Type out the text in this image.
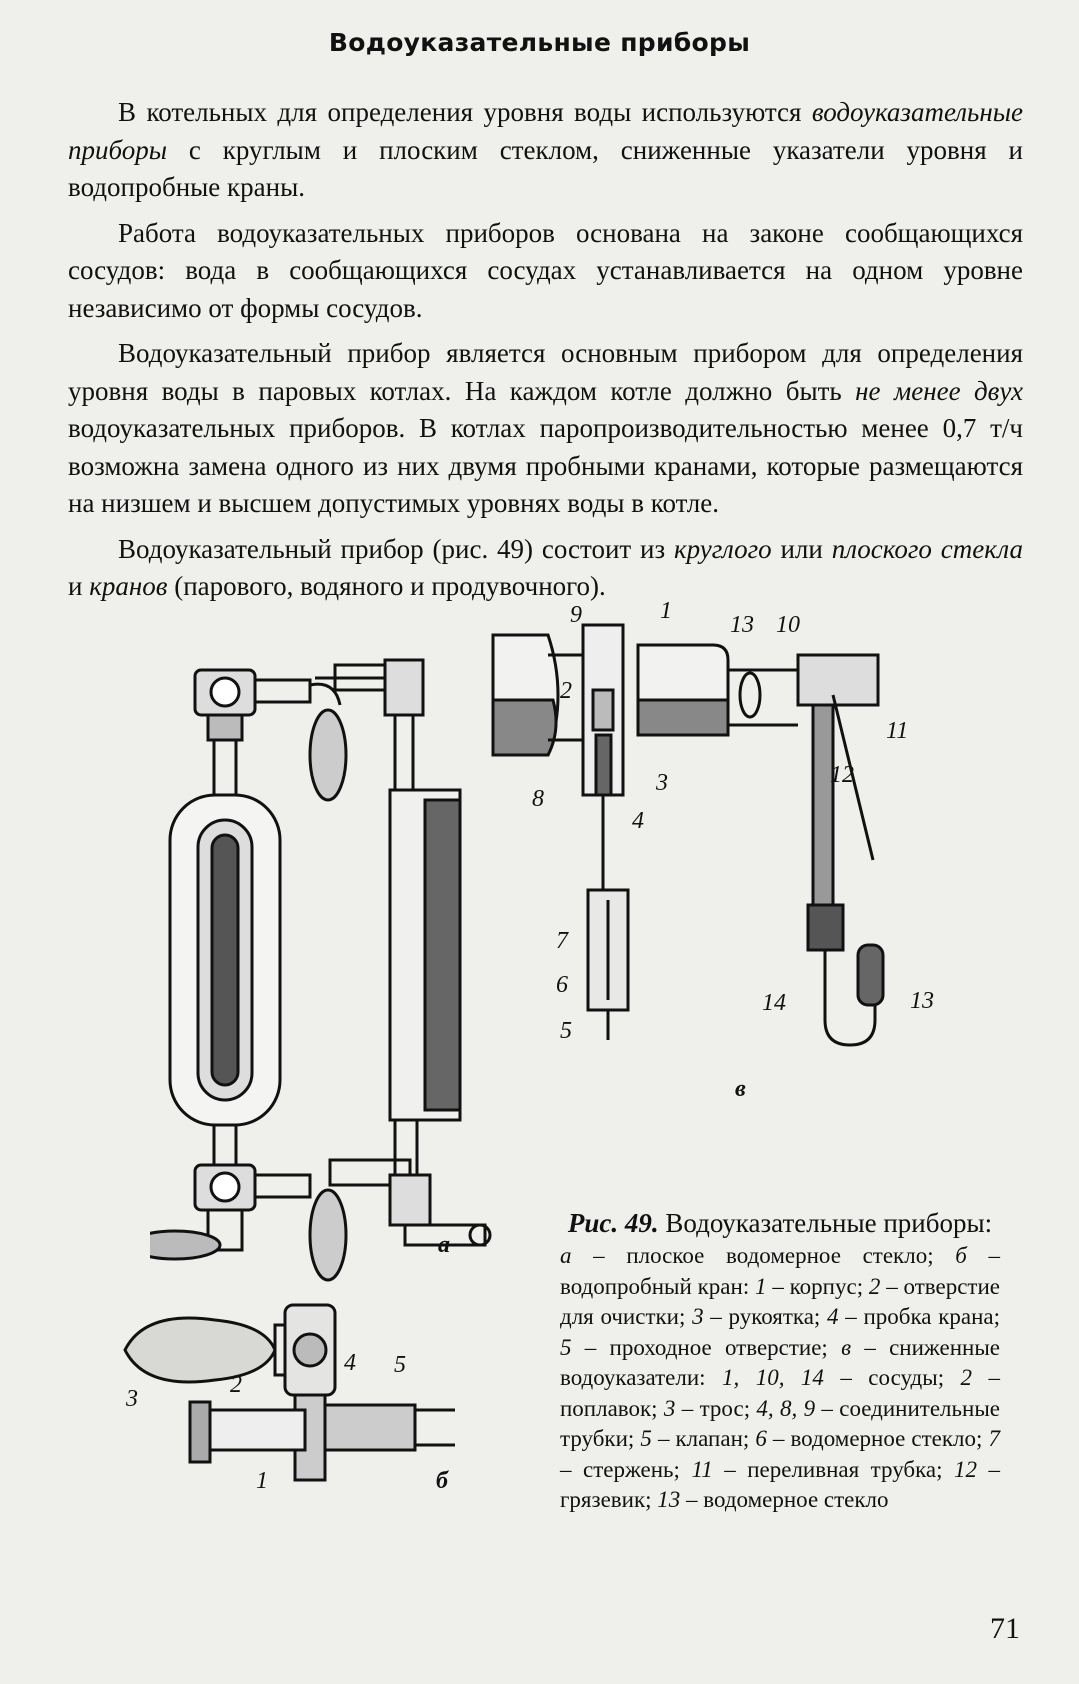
Водоуказательные приборы

В котельных для определения уровня воды используются водоуказательные приборы с круглым и плоским стеклом, сниженные указатели уровня и водопробные краны.

Работа водоуказательных приборов основана на законе сообщающихся сосудов: вода в сообщающихся сосудах устанавливается на одном уровне независимо от формы сосудов.

Водоуказательный прибор является основным прибором для определения уровня воды в паровых котлах. На каждом котле должно быть не менее двух водоуказательных приборов. В котлах паропроизводительностью менее 0,7 т/ч возможна замена одного из них двумя пробными кранами, которые размещаются на низшем и высшем допустимых уровнях воды в котле.

Водоуказательный прибор (рис. 49) состоит из круглого или плоского стекла и кранов (парового, водяного и продувочного).

а
б
в
9	1
2
8
3
4
7
6
5
13 10
11
12
14	13
3
2
4 5
1
Рис. 49. Водоуказательные приборы:
а – плоское водомерное стекло; б – водопробный кран: 1 – корпус; 2 – отверстие для очистки; 3 – рукоятка; 4 – пробка крана; 5 – проходное отверстие; в – сниженные водоуказатели: 1, 10, 14 – сосуды; 2 – поплавок; 3 – трос; 4, 8, 9 – соединительные трубки; 5 – клапан; 6 – водомерное стекло; 7 – стержень; 11 – переливная трубка; 12 – грязевик; 13 – водомерное стекло
71
